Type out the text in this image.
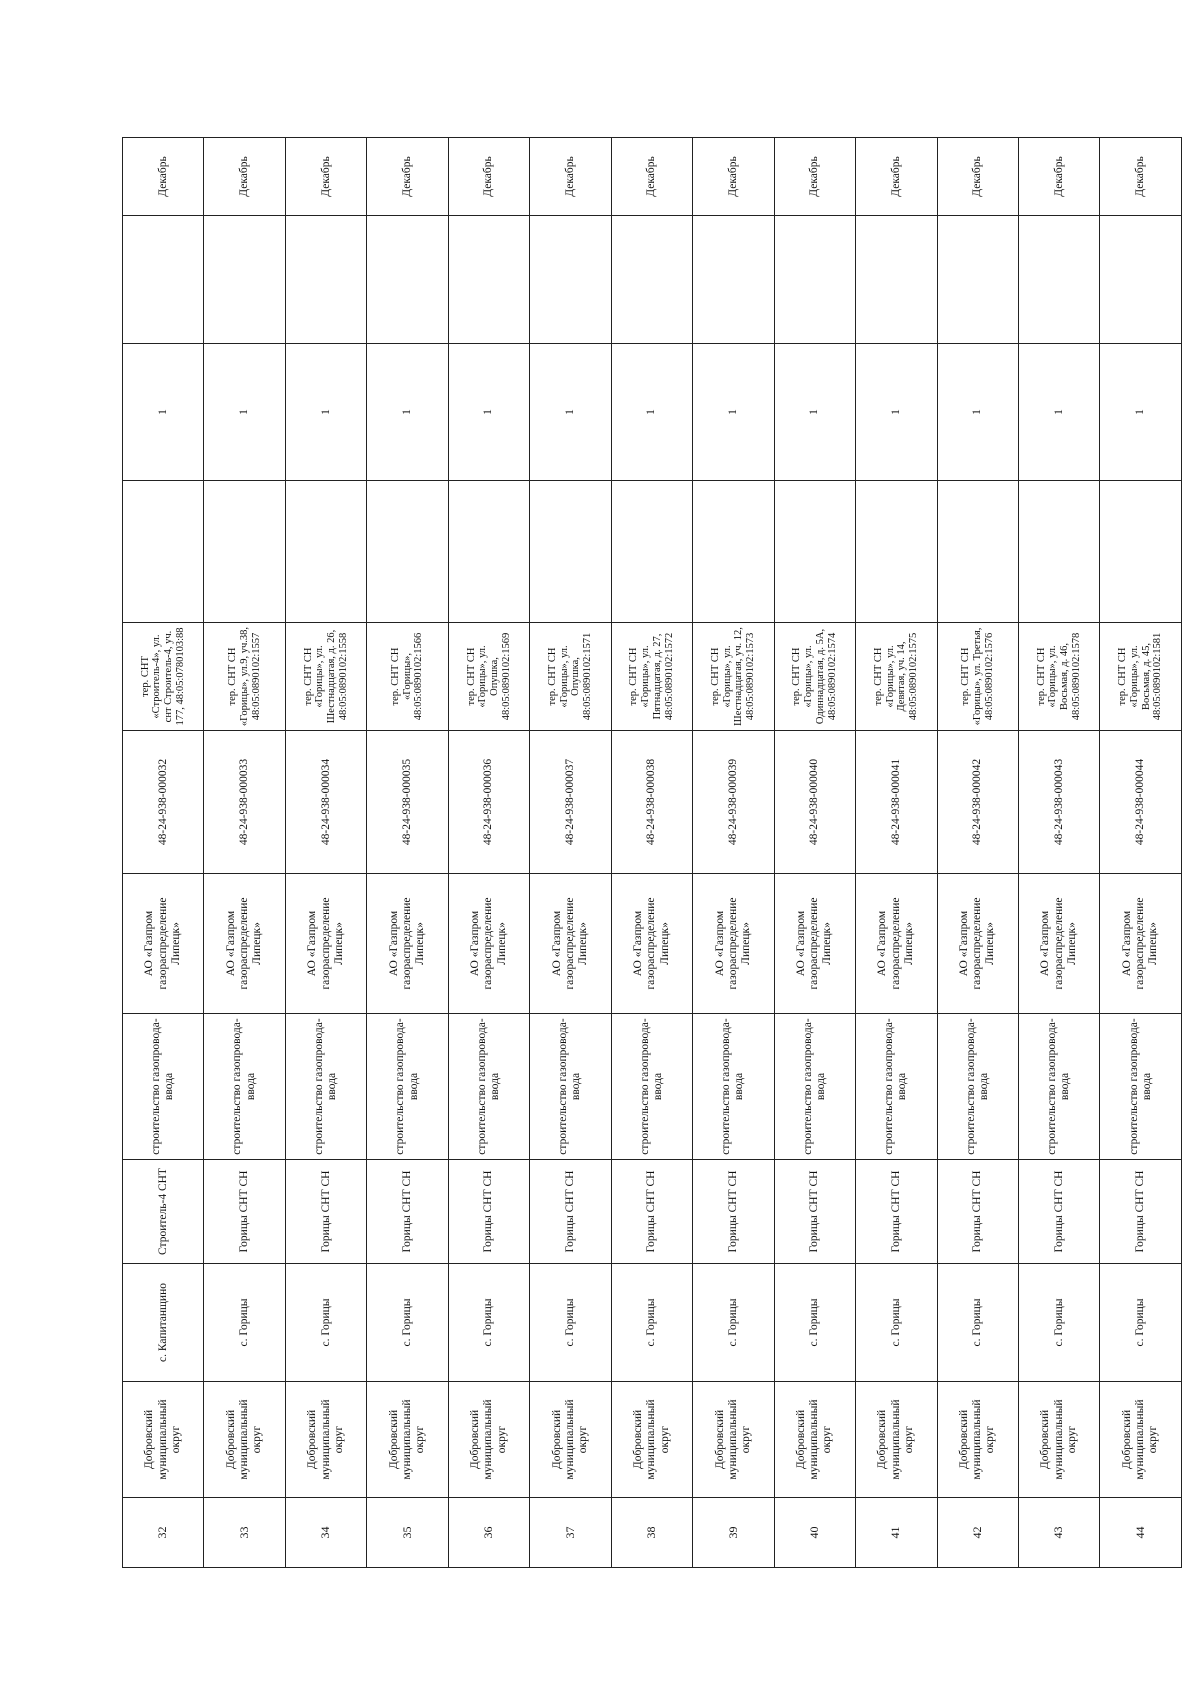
32	Добровский муниципальный округ	с. Капитанщино	Строитель-4 СНТ	строительство газопровода-ввода	АО «Газпром газораспределение Липецк»	48-24-938-000032	тер. СНТ «Строитель-4», ул. снт Строитель-4, уч. 177, 48:05:0780103:88		1		Декабрь	
33	Добровский муниципальный округ	с. Горицы	Горицы СНТ СН	строительство газопровода-ввода	АО «Газпром газораспределение Липецк»	48-24-938-000033	тер. СНТ СН «Горицы», ул.9, уч.38, 48:05:0890102:1557		1		Декабрь	
34	Добровский муниципальный округ	с. Горицы	Горицы СНТ СН	строительство газопровода-ввода	АО «Газпром газораспределение Липецк»	48-24-938-000034	тер. СНТ СН «Горицы», ул. Шестнадцатая, д. 26, 48:05:0890102:1558		1		Декабрь	
35	Добровский муниципальный округ	с. Горицы	Горицы СНТ СН	строительство газопровода-ввода	АО «Газпром газораспределение Липецк»	48-24-938-000035	тер. СНТ СН «Горицы», 48:05:0890102:1566		1		Декабрь	
36	Добровский муниципальный округ	с. Горицы	Горицы СНТ СН	строительство газопровода-ввода	АО «Газпром газораспределение Липецк»	48-24-938-000036	тер. СНТ СН «Горицы», ул. Опушка, 48:05:0890102:1569		1		Декабрь	
37	Добровский муниципальный округ	с. Горицы	Горицы СНТ СН	строительство газопровода-ввода	АО «Газпром газораспределение Липецк»	48-24-938-000037	тер. СНТ СН «Горицы», ул. Опушка, 48:05:0890102:1571		1		Декабрь	
38	Добровский муниципальный округ	с. Горицы	Горицы СНТ СН	строительство газопровода-ввода	АО «Газпром газораспределение Липецк»	48-24-938-000038	тер. СНТ СН «Горицы», ул. Пятнадцатая, д. 27, 48:05:0890102:1572		1		Декабрь	
39	Добровский муниципальный округ	с. Горицы	Горицы СНТ СН	строительство газопровода-ввода	АО «Газпром газораспределение Липецк»	48-24-938-000039	тер. СНТ СН «Горицы», ул. Шестнадцатая, уч. 12, 48:05:0890102:1573		1		Декабрь	
40	Добровский муниципальный округ	с. Горицы	Горицы СНТ СН	строительство газопровода-ввода	АО «Газпром газораспределение Липецк»	48-24-938-000040	тер. СНТ СН «Горицы», ул. Одиннадцатая, д. 5А, 48:05:0890102:1574		1		Декабрь	
41	Добровский муниципальный округ	с. Горицы	Горицы СНТ СН	строительство газопровода-ввода	АО «Газпром газораспределение Липецк»	48-24-938-000041	тер. СНТ СН «Горицы», ул. Девятая, уч. 14, 48:05:0890102:1575		1		Декабрь	
42	Добровский муниципальный округ	с. Горицы	Горицы СНТ СН	строительство газопровода-ввода	АО «Газпром газораспределение Липецк»	48-24-938-000042	тер. СНТ СН «Горицы», ул. Третья, 48:05:0890102:1576		1		Декабрь	
43	Добровский муниципальный округ	с. Горицы	Горицы СНТ СН	строительство газопровода-ввода	АО «Газпром газораспределение Липецк»	48-24-938-000043	тер. СНТ СН «Горицы», ул. Восьмая, д. 46, 48:05:0890102:1578		1		Декабрь	
44	Добровский муниципальный округ	с. Горицы	Горицы СНТ СН	строительство газопровода-ввода	АО «Газпром газораспределение Липецк»	48-24-938-000044	тер. СНТ СН «Горицы», ул. Восьмая, д. 45, 48:05:0890102:1581		1		Декабрь	
